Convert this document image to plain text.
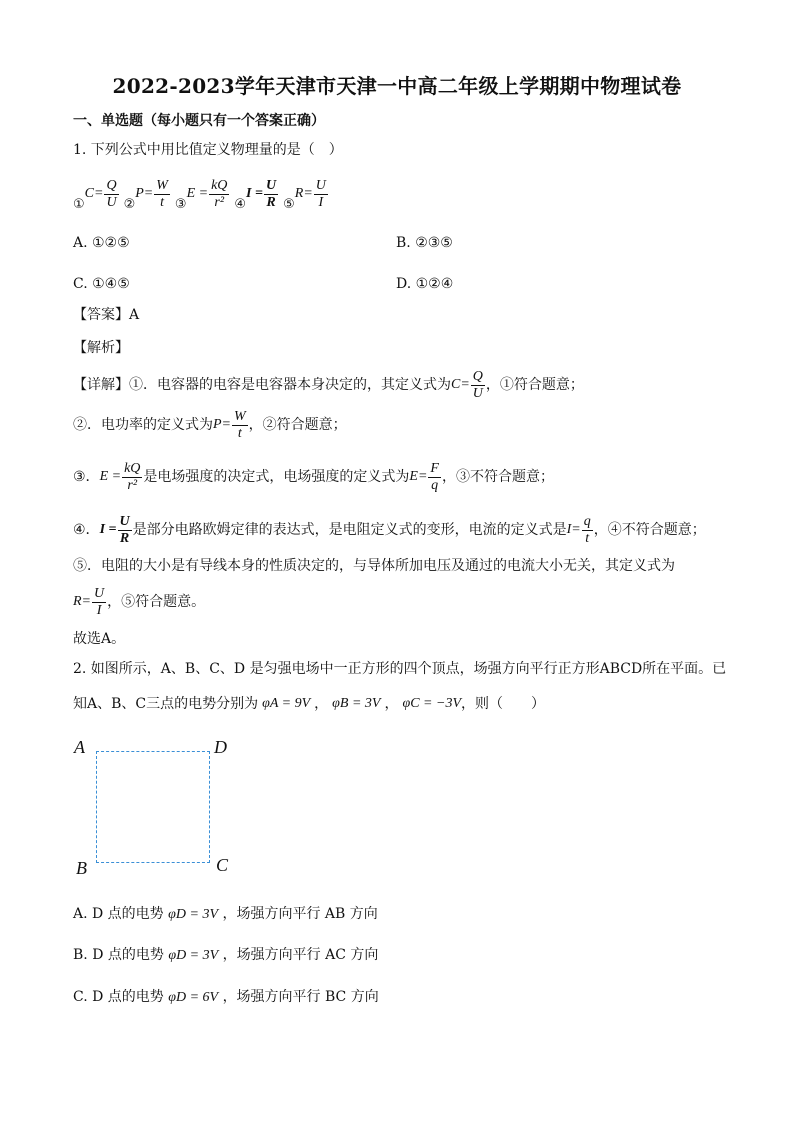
2022-2023学年天津市天津一中高二年级上学期期中物理试卷
一、单选题（每小题只有一个答案正确）
1. 下列公式中用比值定义物理量的是（　）
①
$C= \frac{Q}{U}$ ②
$P= \frac{W}{t}$ ③
$E = \frac{kQ}{\text{r²}}$ ④
$I = \frac{U}{R}$ ⑤
$R= \frac{U}{I}$
A. ①②⑤	B. ②③⑤
C. ①④⑤	D. ①②④
【答案】A
【解析】
【详解】 ①．电容器的电容是电容器本身决定的，其定义式为 $C= \frac{Q}{U}$ ，①符合题意；
②．电功率的定义式为 $P= \frac{W}{t}$ ，②符合题意；
③． $E = \frac{kQ}{\text{r²}}$ 是电场强度的决定式，电场强度的定义式为 $E= \frac{F}{q}$ ，③不符合题意；
④． $I = \frac{U}{R}$ 是部分电路欧姆定律的表达式，是电阻定义式的变形，电流的定义式是 $I= \frac{q}{t}$ ，④不符合题意；
⑤．电阻的大小是有导线本身的性质决定的，与导体所加电压及通过的电流大小无关，其定义式为
$R= \frac{U}{I}$ ，⑤符合题意。
故选A。
2. 如图所示，A、B、C、D 是匀强电场中一正方形的四个顶点，场强方向平行正方形ABCD所在平面。已
知A、B、C三点的电势分别为 φA = 9V ， φB = 3V ， φC = −3V ，则（　　）
A	D
B	C
A. D 点的电势 φD = 3V ，场强方向平行 AB 方向
B. D 点的电势 φD = 3V ，场强方向平行 AC 方向
C. D 点的电势 φD = 6V ，场强方向平行 BC 方向
